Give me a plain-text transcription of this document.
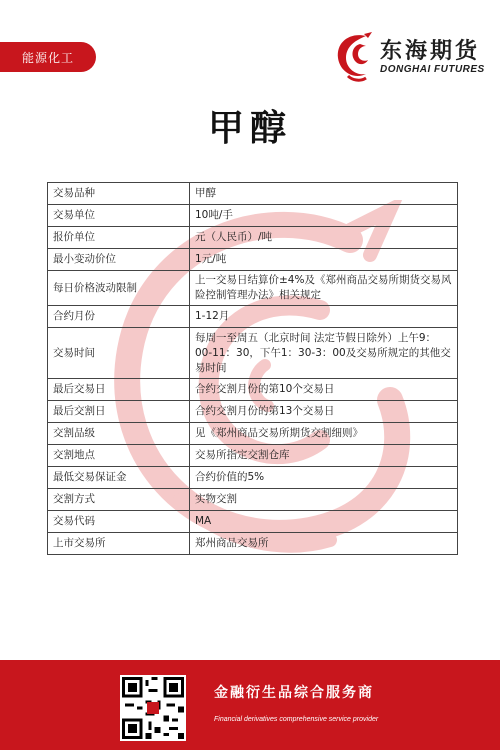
能源化工	东海期货
DONGHAI FUTURES
甲醇
交易品种	甲醇
交易单位	10吨/手
报价单位	元（人民币）/吨
最小变动价位	1元/吨
每日价格波动限制	上一交易日结算价±4%及《郑州商品交易所期货交易风险控制管理办法》相关规定
合约月份	1-12月
交易时间	每周一至周五（北京时间 法定节假日除外）上午9：00-11：30，下午1：30-3：00及交易所规定的其他交易时间
最后交易日	合约交割月份的第10个交易日
最后交割日	合约交割月份的第13个交易日
交割品级	见《郑州商品交易所期货交割细则》
交割地点	交易所指定交割仓库
最低交易保证金	合约价值的5%
交割方式	实物交割
交易代码	MA
上市交易所	郑州商品交易所
金融衍生品综合服务商
Financial derivatives comprehensive service provider
